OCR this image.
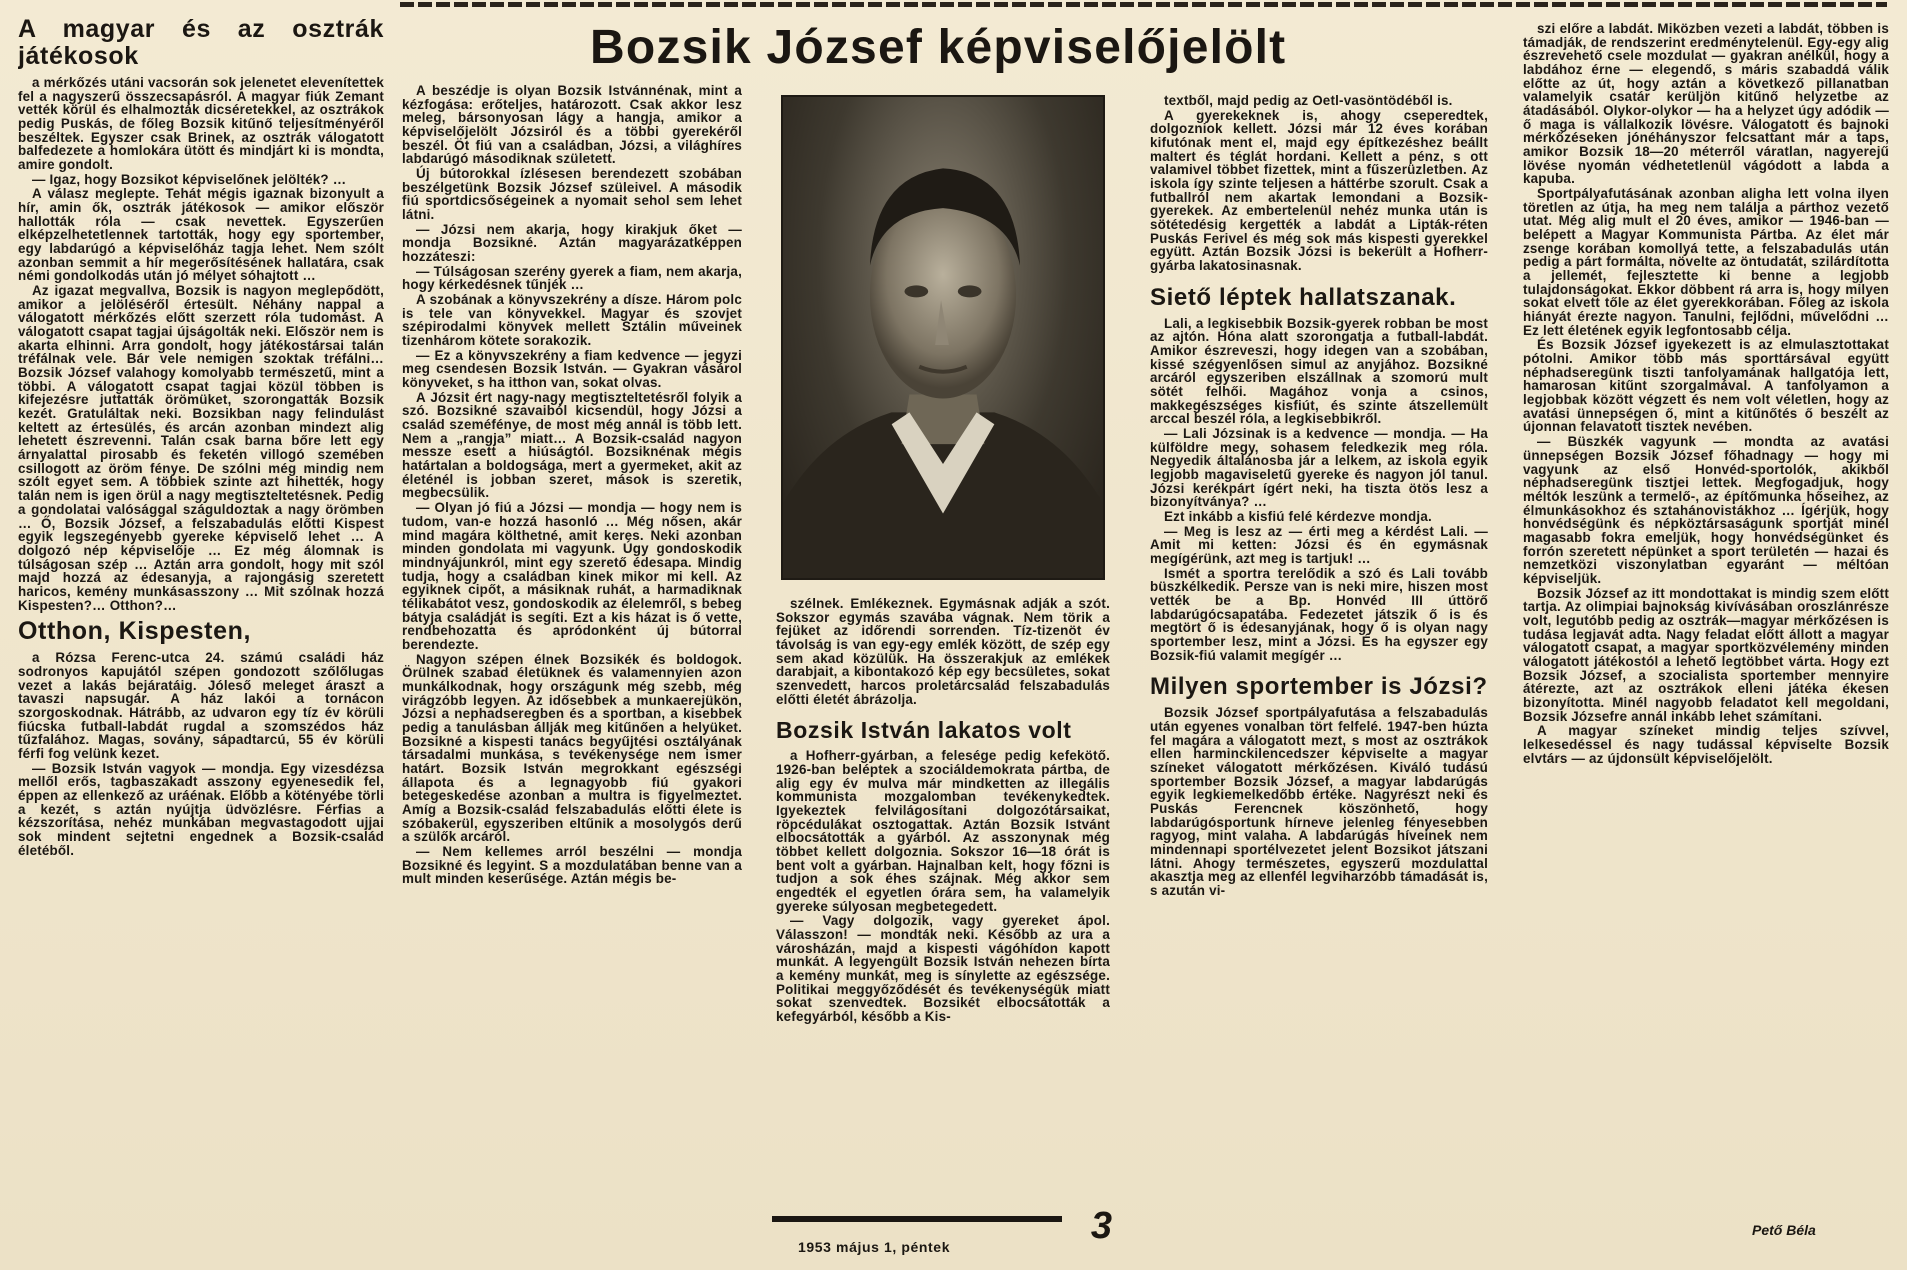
A magyar és az osztrák játékosok

a mérkőzés utáni vacsorán sok jelenetet elevenítettek fel a nagyszerű összecsapásról. A magyar fiúk Zemant vették körül és elhalmozták dicséretekkel, az osztrákok pedig Puskás, de főleg Bozsik kitűnő teljesítményéről beszéltek. Egyszer csak Brinek, az osztrák válogatott balfedezete a homlokára ütött és mindjárt ki is mondta, amire gondolt.

— Igaz, hogy Bozsikot képviselőnek jelölték? …

A válasz meglepte. Tehát mégis igaznak bizonyult a hír, amin ők, osztrák játékosok — amikor először hallották róla — csak nevettek. Egyszerűen elképzelhetetlennek tartották, hogy egy sportember, egy labdarúgó a képviselőház tagja lehet. Nem szólt azonban semmit a hír megerősítésének hallatára, csak némi gondolkodás után jó mélyet sóhajtott …

Az igazat megvallva, Bozsik is nagyon meglepődött, amikor a jelöléséről értesült. Néhány nappal a válogatott mérkőzés előtt szerzett róla tudomást. A válogatott csapat tagjai újságolták neki. Először nem is akarta elhinni. Arra gondolt, hogy játékostársai talán tréfálnak vele. Bár vele nemigen szoktak tréfálni… Bozsik József valahogy komolyabb természetű, mint a többi. A válogatott csapat tagjai közül többen is kifejezésre juttatták örömüket, szorongatták Bozsik kezét. Gratuláltak neki. Bozsikban nagy felindulást keltett az értesülés, és arcán azonban mindezt alig lehetett észrevenni. Talán csak barna bőre lett egy árnyalattal pirosabb és feketén villogó szemében csillogott az öröm fénye. De szólni még mindig nem szólt egyet sem. A többiek szinte azt hihették, hogy talán nem is igen örül a nagy megtiszteltetésnek. Pedig a gondolatai valósággal száguldoztak a nagy örömben … Ő, Bozsik József, a felszabadulás előtti Kispest egyik legszegényebb gyereke képviselő lehet … A dolgozó nép képviselője … Ez még álomnak is túlságosan szép … Aztán arra gondolt, hogy mit szól majd hozzá az édesanyja, a rajongásig szeretett haricos, kemény munkásasszony … Mit szólnak hozzá Kispesten?… Otthon?…

Otthon, Kispesten,

a Rózsa Ferenc-utca 24. számú családi ház sodronyos kapujától szépen gondozott szőlőlugas vezet a lakás bejáratáig. Jóleső meleget áraszt a tavaszi napsugár. A ház lakói a tornácon szorgoskodnak. Hátrább, az udvaron egy tíz év körüli fiúcska futball-labdát rugdal a szomszédos ház tűzfalához. Magas, sovány, sápadtarcú, 55 év körüli férfi fog velünk kezet.

— Bozsik István vagyok — mondja. Egy vizesdézsa mellől erős, tagbaszakadt asszony egyenesedik fel, éppen az ellenkező az uráénak. Előbb a kötényébe törli a kezét, s aztán nyújtja üdvözlésre. Férfias a kézszorítása, nehéz munkában megvastagodott ujjai sok mindent sejtetni engednek a Bozsik-család életéből.

Bozsik József képviselőjelölt

A beszédje is olyan Bozsik Istvánnénak, mint a kézfogása: erőteljes, határozott. Csak akkor lesz meleg, bársonyosan lágy a hangja, amikor a képviselőjelölt Józsiról és a többi gyerekéről beszél. Öt fiú van a családban, Józsi, a világhíres labdarúgó másodiknak született.

Új bútorokkal ízlésesen berendezett szobában beszélgetünk Bozsik József szüleivel. A második fiú sportdicsőségeinek a nyomait sehol sem lehet látni.

— Józsi nem akarja, hogy kirakjuk őket — mondja Bozsikné. Aztán magyarázatképpen hozzáteszi:

— Túlságosan szerény gyerek a fiam, nem akarja, hogy kérkedésnek tűnjék …

A szobának a könyvszekrény a dísze. Három polc is tele van könyvekkel. Magyar és szovjet szépirodalmi könyvek mellett Sztálin műveinek tizenhárom kötete sorakozik.

— Ez a könyvszekrény a fiam kedvence — jegyzi meg csendesen Bozsik István. — Gyakran vásárol könyveket, s ha itthon van, sokat olvas.

A Józsit ért nagy-nagy megtiszteltetésről folyik a szó. Bozsikné szavaiból kicsendül, hogy Józsi a család szeméfénye, de most még annál is több lett. Nem a „rangja” miatt… A Bozsik-család nagyon messze esett a hiúságtól. Bozsiknénak mégis határtalan a boldogsága, mert a gyermeket, akit az életénél is jobban szeret, mások is szeretik, megbecsülik.

— Olyan jó fiú a Józsi — mondja — hogy nem is tudom, van-e hozzá hasonló … Még nősen, akár mind magára költhetné, amit keres. Neki azonban minden gondolata mi vagyunk. Úgy gondoskodik mindnyájunkról, mint egy szerető édesapa. Mindig tudja, hogy a családban kinek mikor mi kell. Az egyiknek cipőt, a másiknak ruhát, a harmadiknak télikabátot vesz, gondoskodik az élelemről, s bebeg bátyja családját is segíti. Ezt a kis házat is ő vette, rendbehozatta és apródonként új bútorral berendezte.

Nagyon szépen élnek Bozsikék és boldogok. Örülnek szabad életüknek és valamennyien azon munkálkodnak, hogy országunk még szebb, még virágzóbb legyen. Az idősebbek a munkaerejükön, Józsi a nephadseregben és a sportban, a kisebbek pedig a tanulásban állják meg kitűnően a helyüket. Bozsikné a kispesti tanács begyűjtési osztályának társadalmi munkása, s tevékenysége nem ismer határt. Bozsik István megrokkant egészségi állapota és a legnagyobb fiú gyakori betegeskedése azonban a multra is figyelmeztet. Amíg a Bozsik-család felszabadulás előtti élete is szóbakerül, egyszeriben eltűnik a mosolygós derű a szülők arcáról.

— Nem kellemes arról beszélni — mondja Bozsikné és legyint. S a mozdulatában benne van a mult minden keserűsége. Aztán mégis be-

szélnek. Emlékeznek. Egymásnak adják a szót. Sokszor egymás szavába vágnak. Nem törik a fejüket az időrendi sorrenden. Tíz-tizenöt év távolság is van egy-egy emlék között, de szép egy sem akad közülük. Ha összerakjuk az emlékek darabjait, a kibontakozó kép egy becsületes, sokat szenvedett, harcos proletárcsalád felszabadulás előtti életét ábrázolja.

Bozsik István lakatos volt

a Hofherr-gyárban, a felesége pedig kefekötő. 1926-ban beléptek a szociáldemokrata pártba, de alig egy év mulva már mindketten az illegális kommunista mozgalomban tevékenykedtek. Igyekeztek felvilágosítani dolgozótársaikat, röpcédulákat osztogattak. Aztán Bozsik Istvánt elbocsátották a gyárból. Az asszonynak még többet kellett dolgoznia. Sokszor 16—18 órát is bent volt a gyárban. Hajnalban kelt, hogy főzni is tudjon a sok éhes szájnak. Még akkor sem engedték el egyetlen órára sem, ha valamelyik gyereke súlyosan megbetegedett.

— Vagy dolgozik, vagy gyereket ápol. Válasszon! — mondták neki. Később az ura a városházán, majd a kispesti vágóhídon kapott munkát. A legyengült Bozsik István nehezen bírta a kemény munkát, meg is sínylette az egészsége. Politikai meggyőződését és tevékenységük miatt sokat szenvedtek. Bozsikét elbocsátották a kefegyárból, később a Kis-

3
1953 május 1, péntek

textből, majd pedig az Oetl-vasöntödéből is.

A gyerekeknek is, ahogy cseperedtek, dolgozniok kellett. Józsi már 12 éves korában kifutónak ment el, majd egy építkezéshez beállt maltert és téglát hordani. Kellett a pénz, s ott valamivel többet fizettek, mint a fűszerüzletben. Az iskola így szinte teljesen a háttérbe szorult. Csak a futballról nem akartak lemondani a Bozsik-gyerekek. Az embertelenül nehéz munka után is sötétedésig kergették a labdát a Lipták-réten Puskás Ferivel és még sok más kispesti gyerekkel együtt. Aztán Bozsik Józsi is bekerült a Hofherr-gyárba lakatosinasnak.

Siető léptek hallatszanak.

Lali, a legkisebbik Bozsik-gyerek robban be most az ajtón. Hóna alatt szorongatja a futball-labdát. Amikor észreveszi, hogy idegen van a szobában, kissé szégyenlősen simul az anyjához. Bozsikné arcáról egyszeriben elszállnak a szomorú mult sötét felhői. Magához vonja a csinos, makkegészséges kisfiút, és szinte átszellemült arccal beszél róla, a legkisebbikről.

— Lali Józsinak is a kedvence — mondja. — Ha külföldre megy, sohasem feledkezik meg róla. Negyedik általánosba jár a lelkem, az iskola egyik legjobb magaviseletű gyereke és nagyon jól tanul. Józsi kerékpárt ígért neki, ha tiszta ötös lesz a bizonyítványa? …

Ezt inkább a kisfiú felé kérdezve mondja.

— Meg is lesz az — érti meg a kérdést Lali. — Amit mi ketten: Józsi és én egymásnak megígérünk, azt meg is tartjuk! …

Ismét a sportra terelődik a szó és Lali tovább büszkélkedik. Persze van is neki mire, hiszen most vették be a Bp. Honvéd III úttörő labdarúgócsapatába. Fedezetet játszik ő is és megtört ő is édesanyjának, hogy ő is olyan nagy sportember lesz, mint a Józsi. És ha egyszer egy Bozsik-fiú valamit megígér …

Milyen sportember is Józsi?

Bozsik József sportpályafutása a felszabadulás után egyenes vonalban tört felfelé. 1947-ben húzta fel magára a válogatott mezt, s most az osztrákok ellen harminckilencedszer képviselte a magyar színeket válogatott mérkőzésen. Kiváló tudású sportember Bozsik József, a magyar labdarúgás egyik legkiemelkedőbb értéke. Nagyrészt neki és Puskás Ferencnek köszönhető, hogy labdarúgósportunk hírneve jelenleg fényesebben ragyog, mint valaha. A labdarúgás híveinek nem mindennapi sportélvezetet jelent Bozsikot játszani látni. Ahogy természetes, egyszerű mozdulattal akasztja meg az ellenfél legviharzóbb támadását is, s azután vi-

szi előre a labdát. Miközben vezeti a labdát, többen is támadják, de rendszerint eredménytelenül. Egy-egy alig észrevehető csele mozdulat — gyakran anélkül, hogy a labdához érne — elegendő, s máris szabaddá válik előtte az út, hogy aztán a következő pillanatban valamelyik csatár kerüljön kitűnő helyzetbe az átadásából. Olykor-olykor — ha a helyzet úgy adódik — ő maga is vállalkozik lövésre. Válogatott és bajnoki mérkőzéseken jónéhányszor felcsattant már a taps, amikor Bozsik 18—20 méterről váratlan, nagyerejű lövése nyomán védhetetlenül vágódott a labda a kapuba.

Sportpályafutásának azonban aligha lett volna ilyen töretlen az útja, ha meg nem találja a párthoz vezető utat. Még alig mult el 20 éves, amikor — 1946-ban — belépett a Magyar Kommunista Pártba. Az élet már zsenge korában komollyá tette, a felszabadulás után pedig a párt formálta, növelte az öntudatát, szilárdította a jellemét, fejlesztette ki benne a legjobb tulajdonságokat. Ekkor döbbent rá arra is, hogy milyen sokat elvett tőle az élet gyerekkorában. Főleg az iskola hiányát érezte nagyon. Tanulni, fejlődni, művelődni … Ez lett életének egyik legfontosabb célja.

És Bozsik József igyekezett is az elmulasztottakat pótolni. Amikor több más sporttársával együtt néphadseregünk tiszti tanfolyamának hallgatója lett, hamarosan kitűnt szorgalmával. A tanfolyamon a legjobbak között végzett és nem volt véletlen, hogy az avatási ünnepségen ő, mint a kitűnőtés ő beszélt az újonnan felavatott tisztek nevében.

— Büszkék vagyunk — mondta az avatási ünnepségen Bozsik József főhadnagy — hogy mi vagyunk az első Honvéd-sportolók, akikből néphadseregünk tisztjei lettek. Megfogadjuk, hogy méltók leszünk a termelő-, az építőmunka hőseihez, az élmunkásokhoz és sztahánovistákhoz … Ígérjük, hogy honvédségünk és népköztársaságunk sportját minél magasabb fokra emeljük, hogy honvédségünket és forrón szeretett népünket a sport területén — hazai és nemzetközi viszonylatban egyaránt — méltóan képviseljük.

Bozsik József az itt mondottakat is mindig szem előtt tartja. Az olimpiai bajnokság kivívásában oroszlánrésze volt, legutóbb pedig az osztrák—magyar mérkőzésen is tudása legjavát adta. Nagy feladat előtt állott a magyar válogatott csapat, a magyar sportközvélemény minden válogatott játékostól a lehető legtöbbet várta. Hogy ezt Bozsik József, a szocialista sportember mennyire átérezte, azt az osztrákok elleni játéka ékesen bizonyította. Minél nagyobb feladatot kell megoldani, Bozsik Józsefre annál inkább lehet számítani.

A magyar színeket mindig teljes szívvel, lelkesedéssel és nagy tudással képviselte Bozsik elvtárs — az újdonsült képviselőjelölt.

Pető Béla
